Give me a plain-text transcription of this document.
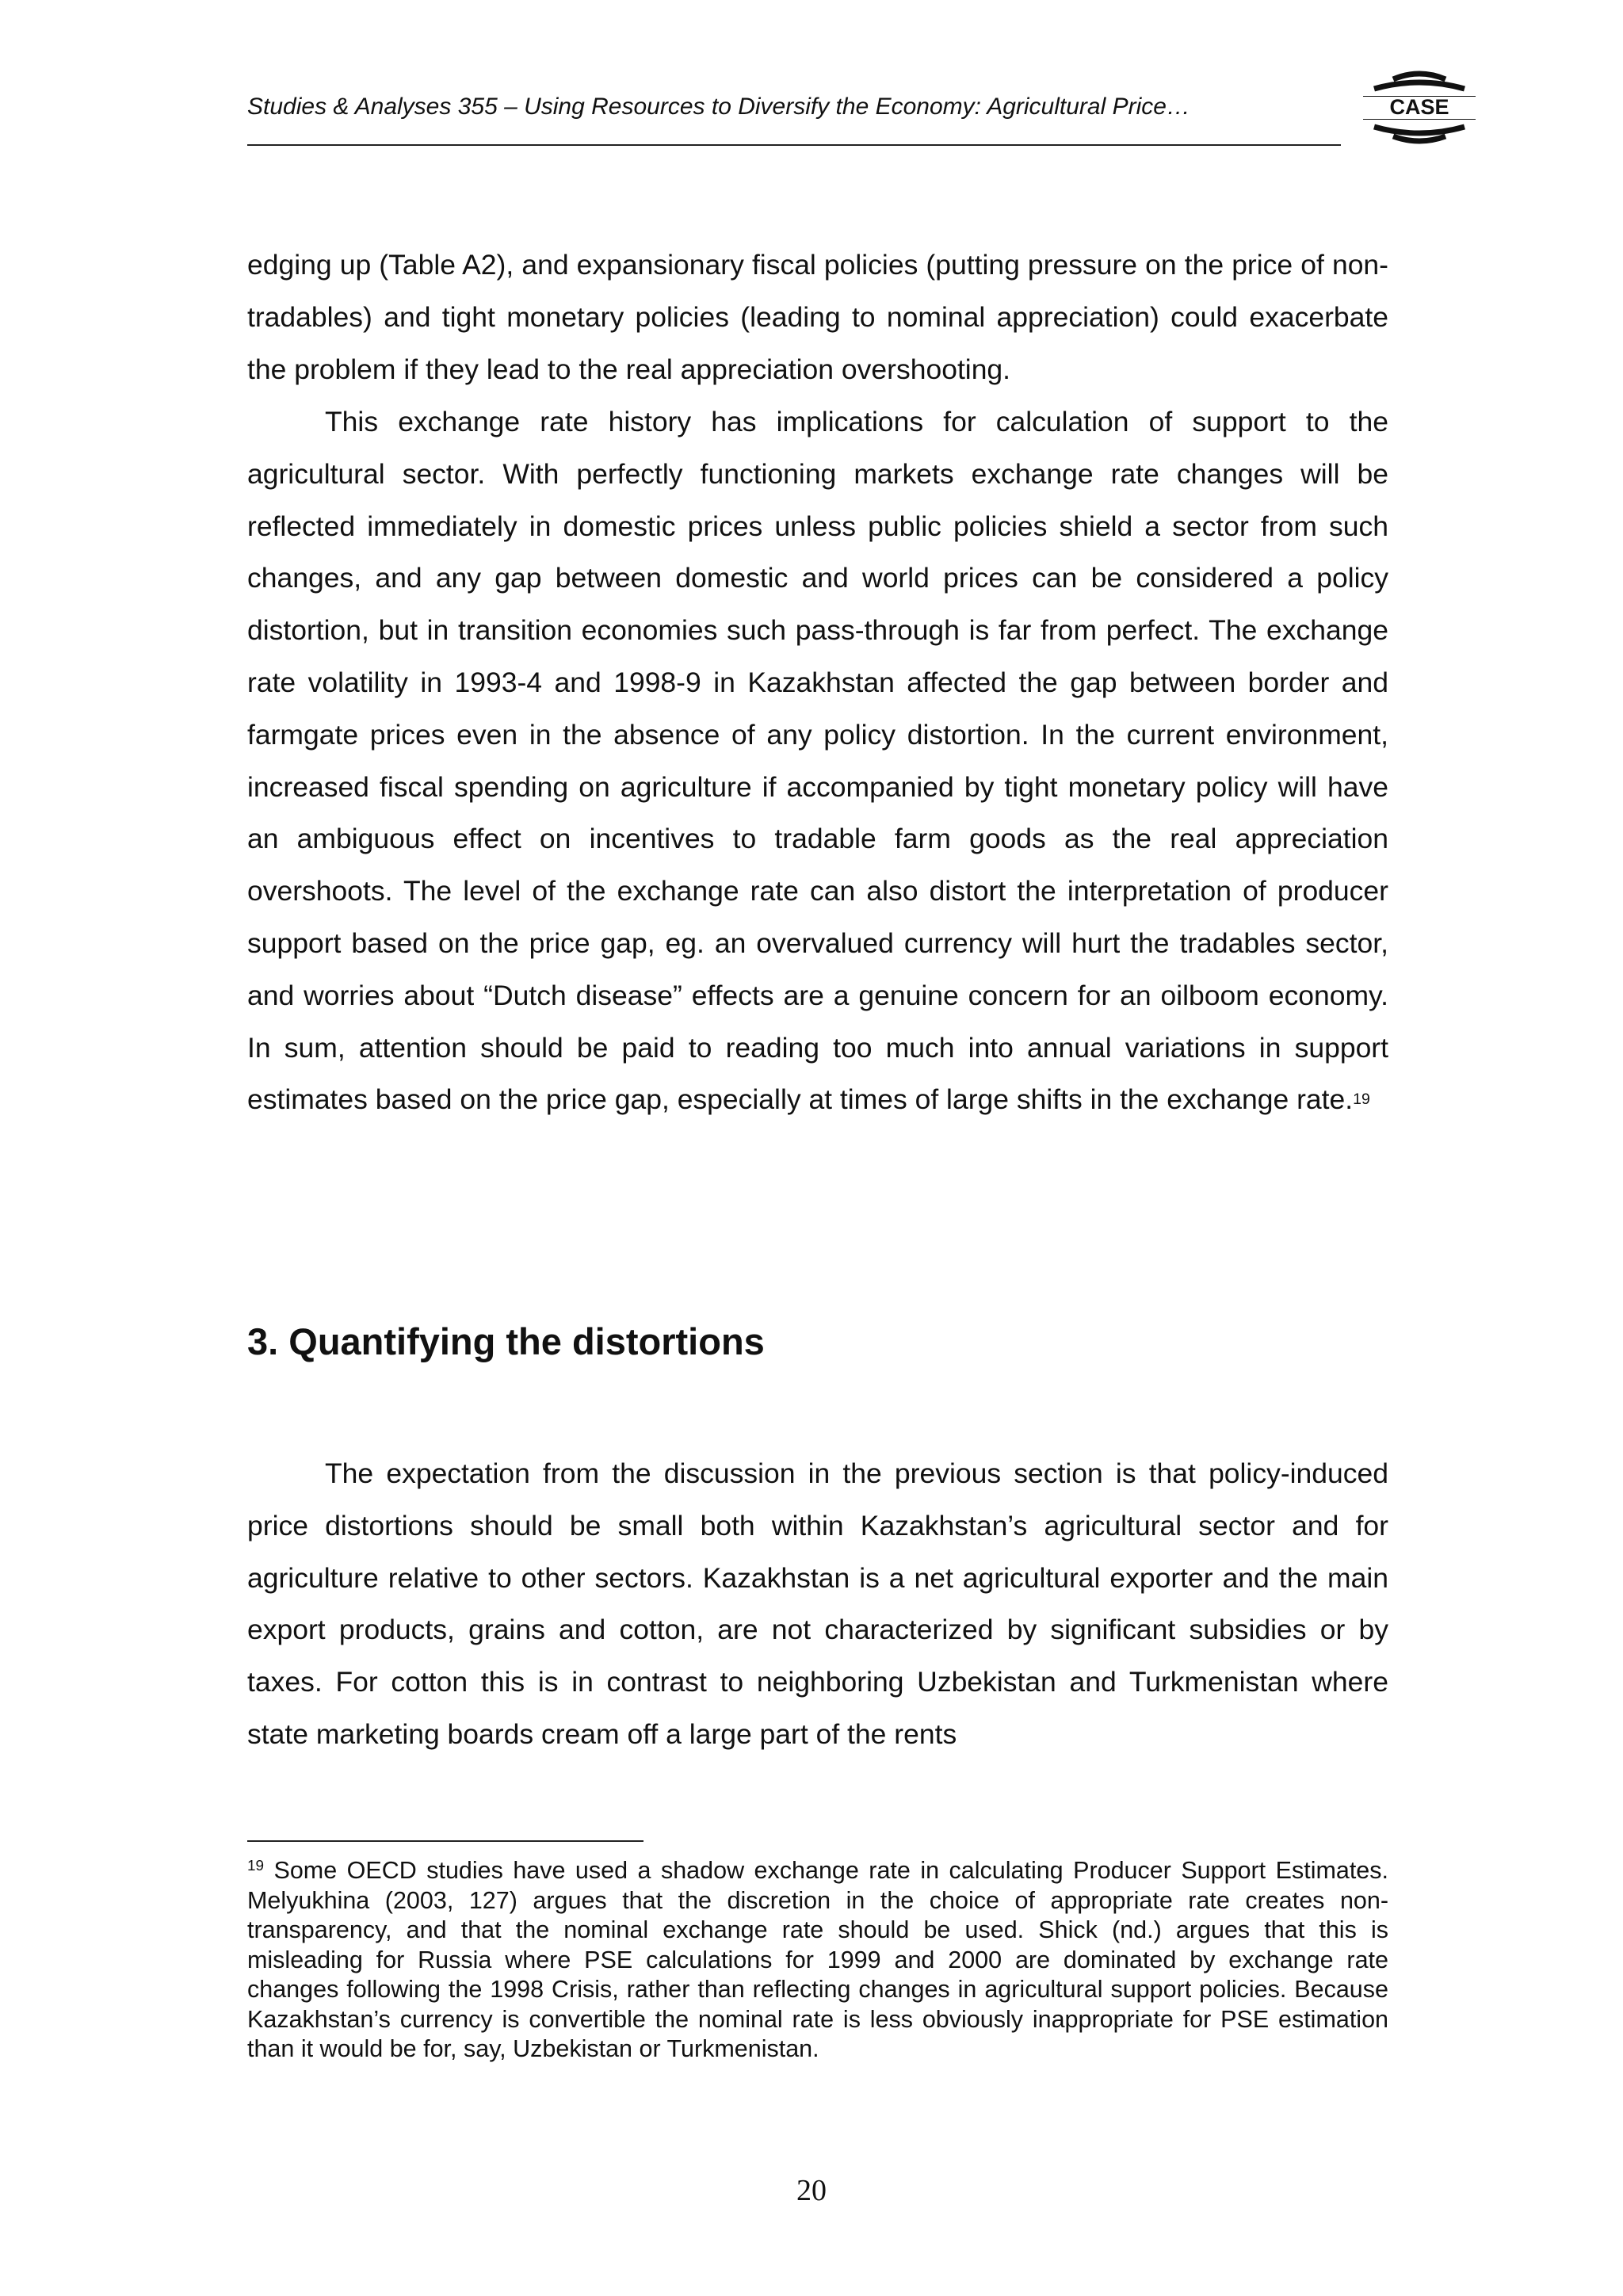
Studies & Analyses 355 – Using Resources to Diversify the Economy: Agricultural Price…	CASE

edging up (Table A2), and expansionary fiscal policies (putting pressure on the price of non-tradables) and tight monetary policies (leading to nominal appreciation) could exacerbate the problem if they lead to the real appreciation overshooting.

This exchange rate history has implications for calculation of support to the agricultural sector. With perfectly functioning markets exchange rate changes will be reflected immediately in domestic prices unless public policies shield a sector from such changes, and any gap between domestic and world prices can be considered a policy distortion, but in transition economies such pass-through is far from perfect. The exchange rate volatility in 1993-4 and 1998-9 in Kazakhstan affected the gap between border and farmgate prices even in the absence of any policy distortion. In the current environment, increased fiscal spending on agriculture if accompanied by tight monetary policy will have an ambiguous effect on incentives to tradable farm goods as the real appreciation overshoots. The level of the exchange rate can also distort the interpretation of producer support based on the price gap, eg. an overvalued currency will hurt the tradables sector, and worries about “Dutch disease” effects are a genuine concern for an oilboom economy. In sum, attention should be paid to reading too much into annual variations in support estimates based on the price gap, especially at times of large shifts in the exchange rate.$^{19}$

3. Quantifying the distortions

The expectation from the discussion in the previous section is that policy-induced price distortions should be small both within Kazakhstan’s agricultural sector and for agriculture relative to other sectors. Kazakhstan is a net agricultural exporter and the main export products, grains and cotton, are not characterized by significant subsidies or by taxes. For cotton this is in contrast to neighboring Uzbekistan and Turkmenistan where state marketing boards cream off a large part of the rents

$^{19}$ Some OECD studies have used a shadow exchange rate in calculating Producer Support Estimates. Melyukhina (2003, 127) argues that the discretion in the choice of appropriate rate creates non-transparency, and that the nominal exchange rate should be used. Shick (nd.) argues that this is misleading for Russia where PSE calculations for 1999 and 2000 are dominated by exchange rate changes following the 1998 Crisis, rather than reflecting changes in agricultural support policies. Because Kazakhstan’s currency is convertible the nominal rate is less obviously inappropriate for PSE estimation than it would be for, say, Uzbekistan or Turkmenistan.

20
